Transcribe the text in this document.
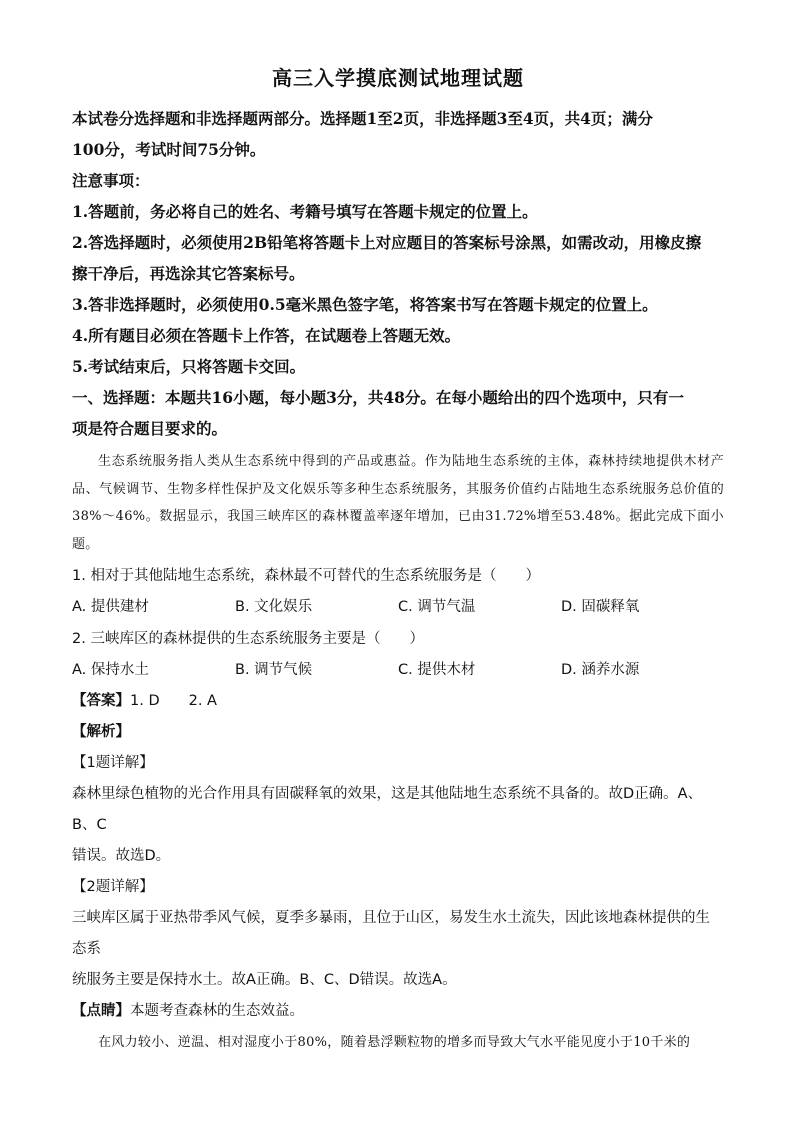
高三入学摸底测试地理试题

本试卷分选择题和非选择题两部分。选择题1至2页，非选择题3至4页，共4页；满分

100分，考试时间75分钟。

注意事项：

1.答题前，务必将自己的姓名、考籍号填写在答题卡规定的位置上。

2.答选择题时，必须使用2B铅笔将答题卡上对应题目的答案标号涂黑，如需改动，用橡皮擦

擦干净后，再选涂其它答案标号。

3.答非选择题时，必须使用0.5毫米黑色签字笔，将答案书写在答题卡规定的位置上。

4.所有题目必须在答题卡上作答，在试题卷上答题无效。

5.考试结束后，只将答题卡交回。

一、选择题：本题共16小题，每小题3分，共48分。在每小题给出的四个选项中，只有一

项是符合题目要求的。

生态系统服务指人类从生态系统中得到的产品或惠益。作为陆地生态系统的主体，森林持续地提供木材产品、气候调节、生物多样性保护及文化娱乐等多种生态系统服务，其服务价值约占陆地生态系统服务总价值的38%～46%。数据显示，我国三峡库区的森林覆盖率逐年增加，已由31.72%增至53.48%。据此完成下面小题。

1. 相对于其他陆地生态系统，森林最不可替代的生态系统服务是（　　）

A. 提供建材	B. 文化娱乐	C. 调节气温	D. 固碳释氧

2. 三峡库区的森林提供的生态系统服务主要是（　　）

A. 保持水土	B. 调节气候	C. 提供木材	D. 涵养水源

【答案】1. D　　2. A

【解析】

【1题详解】

森林里绿色植物的光合作用具有固碳释氧的效果，这是其他陆地生态系统不具备的。故D正确。A、B、C

错误。故选D。

【2题详解】

三峡库区属于亚热带季风气候，夏季多暴雨，且位于山区，易发生水土流失，因此该地森林提供的生态系

统服务主要是保持水土。故A正确。B、C、D错误。故选A。

【点睛】本题考查森林的生态效益。

在风力较小、逆温、相对湿度小于80%，随着悬浮颗粒物的增多而导致大气水平能见度小于10千米的
